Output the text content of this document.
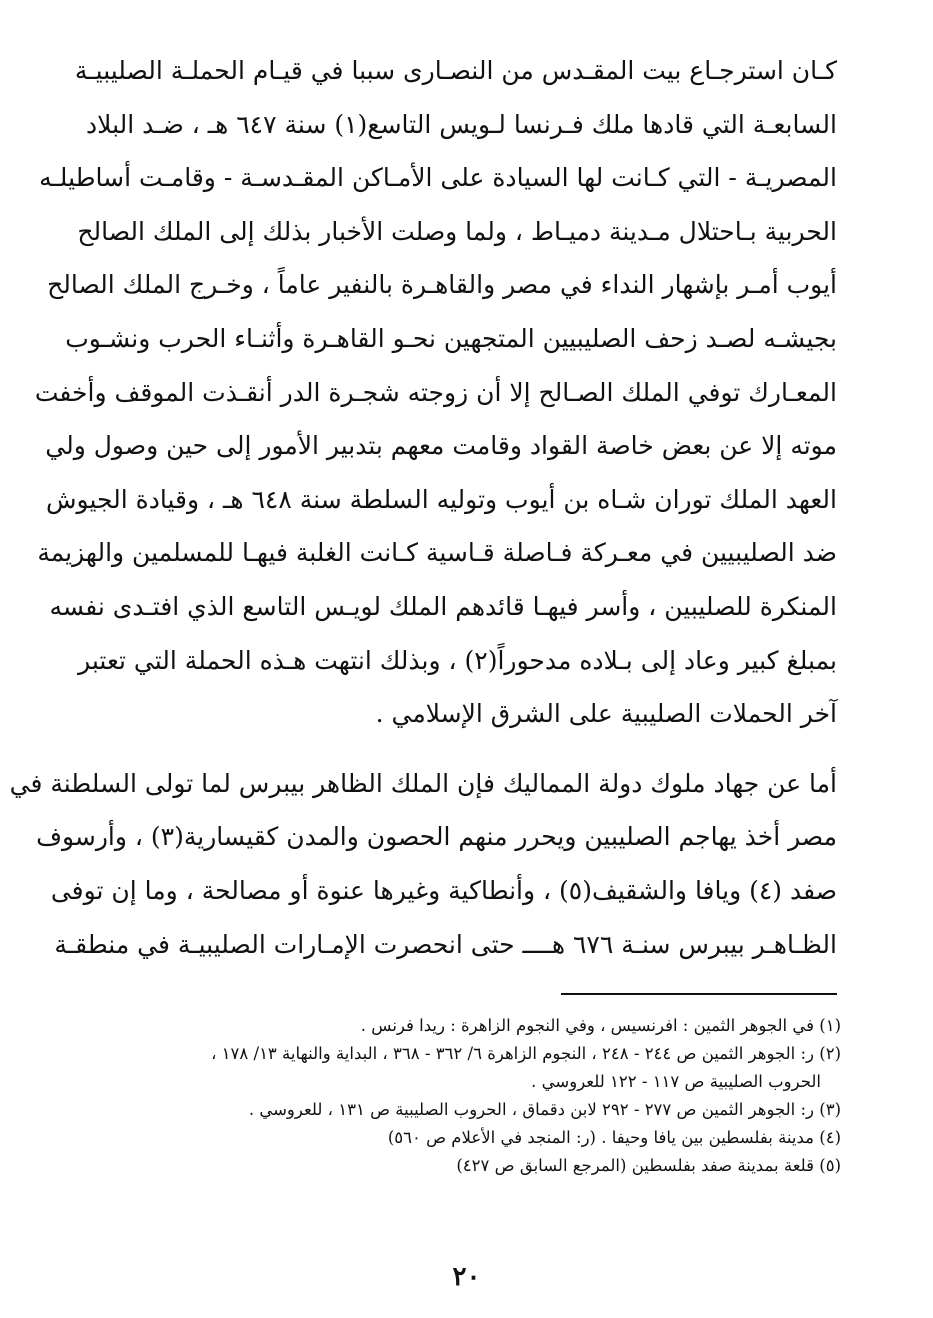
كـان استرجـاع بيت المقـدس من النصـارى سببا في قيـام الحملـة الصليبيـة
السابعـة التي قادها ملك فـرنسا لـويس التاسع(١) سنة ٦٤٧ هـ ، ضـد البلاد
المصريـة - التي كـانت لها السيادة على الأمـاكن المقـدسـة - وقامـت أساطيلـه
الحربية بـاحتلال مـدينة دميـاط ، ولما وصلت الأخبار بذلك إلى الملك الصالح
أيوب أمـر بإشهار النداء في مصر والقاهـرة بالنفير عاماً ، وخـرج الملك الصالح
بجيشـه لصـد زحف الصليبيين المتجهين نحـو القاهـرة وأثنـاء الحرب ونشـوب
المعـارك توفي الملك الصـالح إلا أن زوجته شجـرة الدر أنقـذت الموقف وأخفت
موته إلا عن بعض خاصة القواد وقامت معهم بتدبير الأمور إلى حين وصول ولي
العهد الملك توران شـاه بن أيوب وتوليه السلطة سنة ٦٤٨ هـ ، وقيادة الجيوش
ضد الصليبيين في معـركة فـاصلة قـاسية كـانت الغلبة فيهـا للمسلمين والهزيمة
المنكرة للصليبين ، وأسر فيهـا قائدهم الملك لويـس التاسع الذي افتـدى نفسه
بمبلغ كبير وعاد إلى بـلاده مدحوراً(٢) ، وبذلك انتهت هـذه الحملة التي تعتبر
آخر الحملات الصليبية على الشرق الإسلامي .

أما عن جهاد ملوك دولة المماليك فإن الملك الظاهر بيبرس لما تولى السلطنة في
مصر أخذ يهاجم الصليبين ويحرر منهم الحصون والمدن كقيسارية(٣) ، وأرسوف
صفد (٤) ويافا والشقيف(٥) ، وأنطاكية وغيرها عنوة أو مصالحة ، وما إن توفى
الظـاهـر بيبرس سنـة ٦٧٦ هــــ حتى انحصرت الإمـارات الصليبيـة في منطقـة

(١) في الجوهر الثمين : افرنسيس ، وفي النجوم الزاهرة : ريدا فرنس .
(٢) ر: الجوهر الثمين ص ٢٤٤ - ٢٤٨ ، النجوم الزاهرة ٦/ ٣٦٢ - ٣٦٨ ، البداية والنهاية ١٣/ ١٧٨ ،
الحروب الصليبية ص ١١٧ - ١٢٢ للعروسي .
(٣) ر: الجوهر الثمين ص ٢٧٧ - ٢٩٢ لابن دقماق ، الحروب الصليبية ص ١٣١ ، للعروسي .
(٤) مدينة بفلسطين بين يافا وحيفا . (ر: المنجد في الأعلام ص ٥٦٠)
(٥) قلعة بمدينة صفد بفلسطين (المرجع السابق ص ٤٢٧)
٢٠
